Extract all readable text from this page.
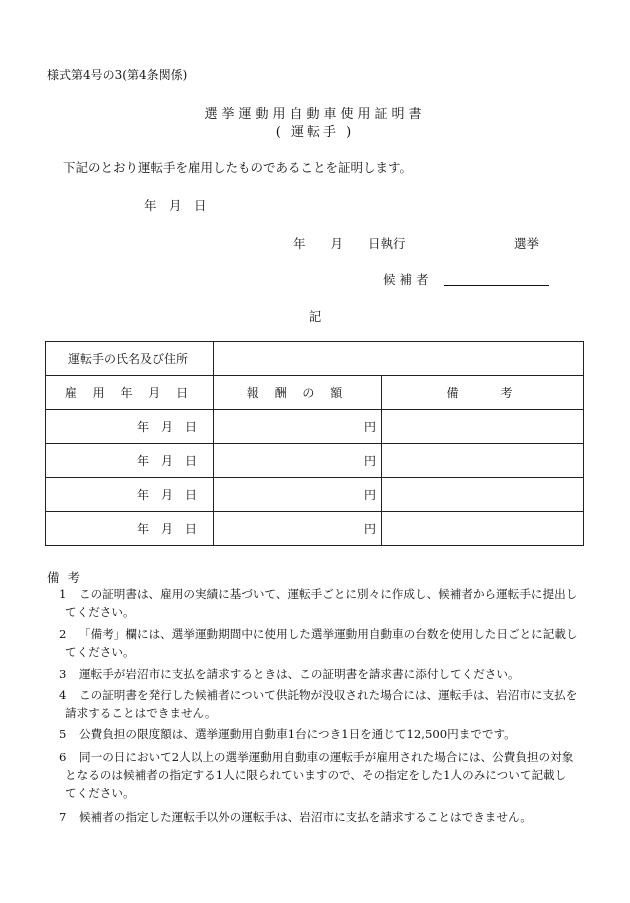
様式第4号の3(第4条関係)
選挙運動用自動車使用証明書
( 運転手 )
下記のとおり運転手を雇用したものであることを証明します。
年　月　日
年　　月　　日執行	選挙
候 補 者
記
運転手の氏名及び住所		
雇 用 年 月 日	報 酬 の 額	備　　考
年　月　日	円	
年　月　日	円	
年　月　日	円	
年　月　日	円	
備考
1 この証明書は、雇用の実績に基づいて、運転手ごとに別々に作成し、候補者から運転手に提出し
てください。
2 「備考」欄には、選挙運動期間中に使用した選挙運動用自動車の台数を使用した日ごとに記載し
てください。
3 運転手が岩沼市に支払を請求するときは、この証明書を請求書に添付してください。
4 この証明書を発行した候補者について供託物が没収された場合には、運転手は、岩沼市に支払を
請求することはできません。
5 公費負担の限度額は、選挙運動用自動車1台につき1日を通じて12,500円までです。
6 同一の日において2人以上の選挙運動用自動車の運転手が雇用された場合には、公費負担の対象
となるのは候補者の指定する1人に限られていますので、その指定をした1人のみについて記載し
てください。
7 候補者の指定した運転手以外の運転手は、岩沼市に支払を請求することはできません。
